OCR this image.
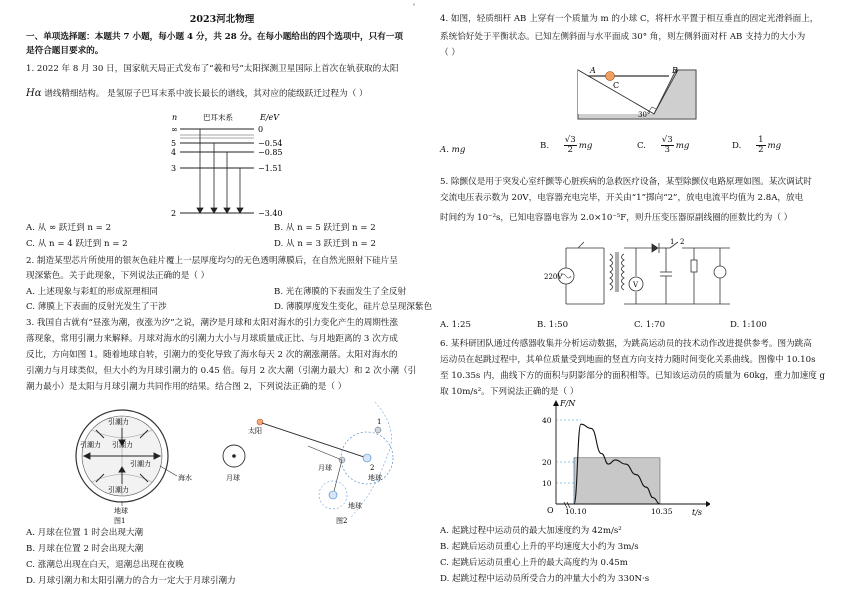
2023河北物理
一、单项选择题：本题共 7 小题，每小题 4 分，共 28 分。在每小题给出的四个选项中，只有一项
是符合题目要求的。
1. 2022 年 8 月 30 日，国家航天局正式发布了“羲和号”太阳探测卫星国际上首次在轨获取的太阳
Hα 谱线精细结构。 是氢原子巴耳末系中波长最长的谱线，其对应的能级跃迁过程为（ ）
n	巴耳末系	E/eV
∞
5
4
3
2
0
−0.54
−0.85
−1.51
−3.40
A. 从 ∞ 跃迁到 n = 2	B. 从 n = 5 跃迁到 n = 2
C. 从 n = 4 跃迁到 n = 2	D. 从 n = 3 跃迁到 n = 2
2. 制造某型芯片所使用的银灰色硅片覆上一层厚度均匀的无色透明薄膜后，在自然光照射下硅片呈
现深紫色。关于此现象，下列说法正确的是（ ）
A. 上述现象与彩虹的形成原理相同	B. 光在薄膜的下表面发生了全反射
C. 薄膜上下表面的反射光发生了干涉	D. 薄膜厚度发生变化，硅片总呈现深紫色
3. 我国自古就有“昼涨为潮，夜涨为汐”之说，潮汐是月球和太阳对海水的引力变化产生的周期性涨
落现象，常用引潮力来解释。月球对海水的引潮力大小与月球质量成正比、与月地距离的 3 次方成
反比，方向如图 1。随着地球自转，引潮力的变化导致了海水每天 2 次的潮涨潮落。太阳对海水的
引潮力与月球类似，但大小约为月球引潮力的 0.45 倍。每月 2 次大潮（引潮力最大）和 2 次小潮（引
潮力最小）是太阳与月球引潮力共同作用的结果。结合图 2，下列说法正确的是（ ）
引潮力
引潮力
引潮力
引潮力
引潮力
海水
地球
月球
图1
太阳
1
2
月球
地球
地球
图2
A. 月球在位置 1 时会出现大潮
B. 月球在位置 2 时会出现大潮
C. 涨潮总出现在白天，退潮总出现在夜晚
D. 月球引潮力和太阳引潮力的合力一定大于月球引潮力
'
4. 如图，轻质细杆 AB 上穿有一个质量为 m 的小球 C，将杆水平置于相互垂直的固定光滑斜面上，
系统恰好处于平衡状态。已知左侧斜面与水平面成 30° 角，则左侧斜面对杆 AB 支持力的大小为
（ ）
A	B
C
30°
A. mg	B. $\frac{√3}{2}$ mg	C. $\frac{√3}{3}$ mg	D. $\frac{1}{2}$ mg
5. 除颤仪是用于突发心室纤颤等心脏疾病的急救医疗设备，某型除颤仪电路原理如图。某次调试时
交流电压表示数为 20V，电容器充电完毕，开关由“1”掷向“2”，放电电流平均值为 2.8A，放电
时间约为 10⁻²s，已知电容器电容为 2.0×10⁻⁵F，则升压变压器原副线圈的匝数比约为（ ）
V
220V
1 2
A. 1:25	B. 1:50	C. 1:70	D. 1:100
6. 某科研团队通过传感器收集并分析运动数据，为跳高运动员的技术动作改进提供参考。图为跳高
运动员在起跳过程中，其单位质量受到地面的竖直方向支持力随时间变化关系曲线。图像中 10.10s
至 10.35s 内，曲线下方的面积与阴影部分的面积相等。已知该运动员的质量为 60kg，重力加速度 g
取 10m/s²。下列说法正确的是（ ）
40
20
10
10.10	10.35
F/N
t/s
O
A. 起跳过程中运动员的最大加速度约为 42m/s²
B. 起跳后运动员重心上升的平均速度大小约为 3m/s
C. 起跳后运动员重心上升的最大高度约为 0.45m
D. 起跳过程中运动员所受合力的冲量大小约为 330N·s
